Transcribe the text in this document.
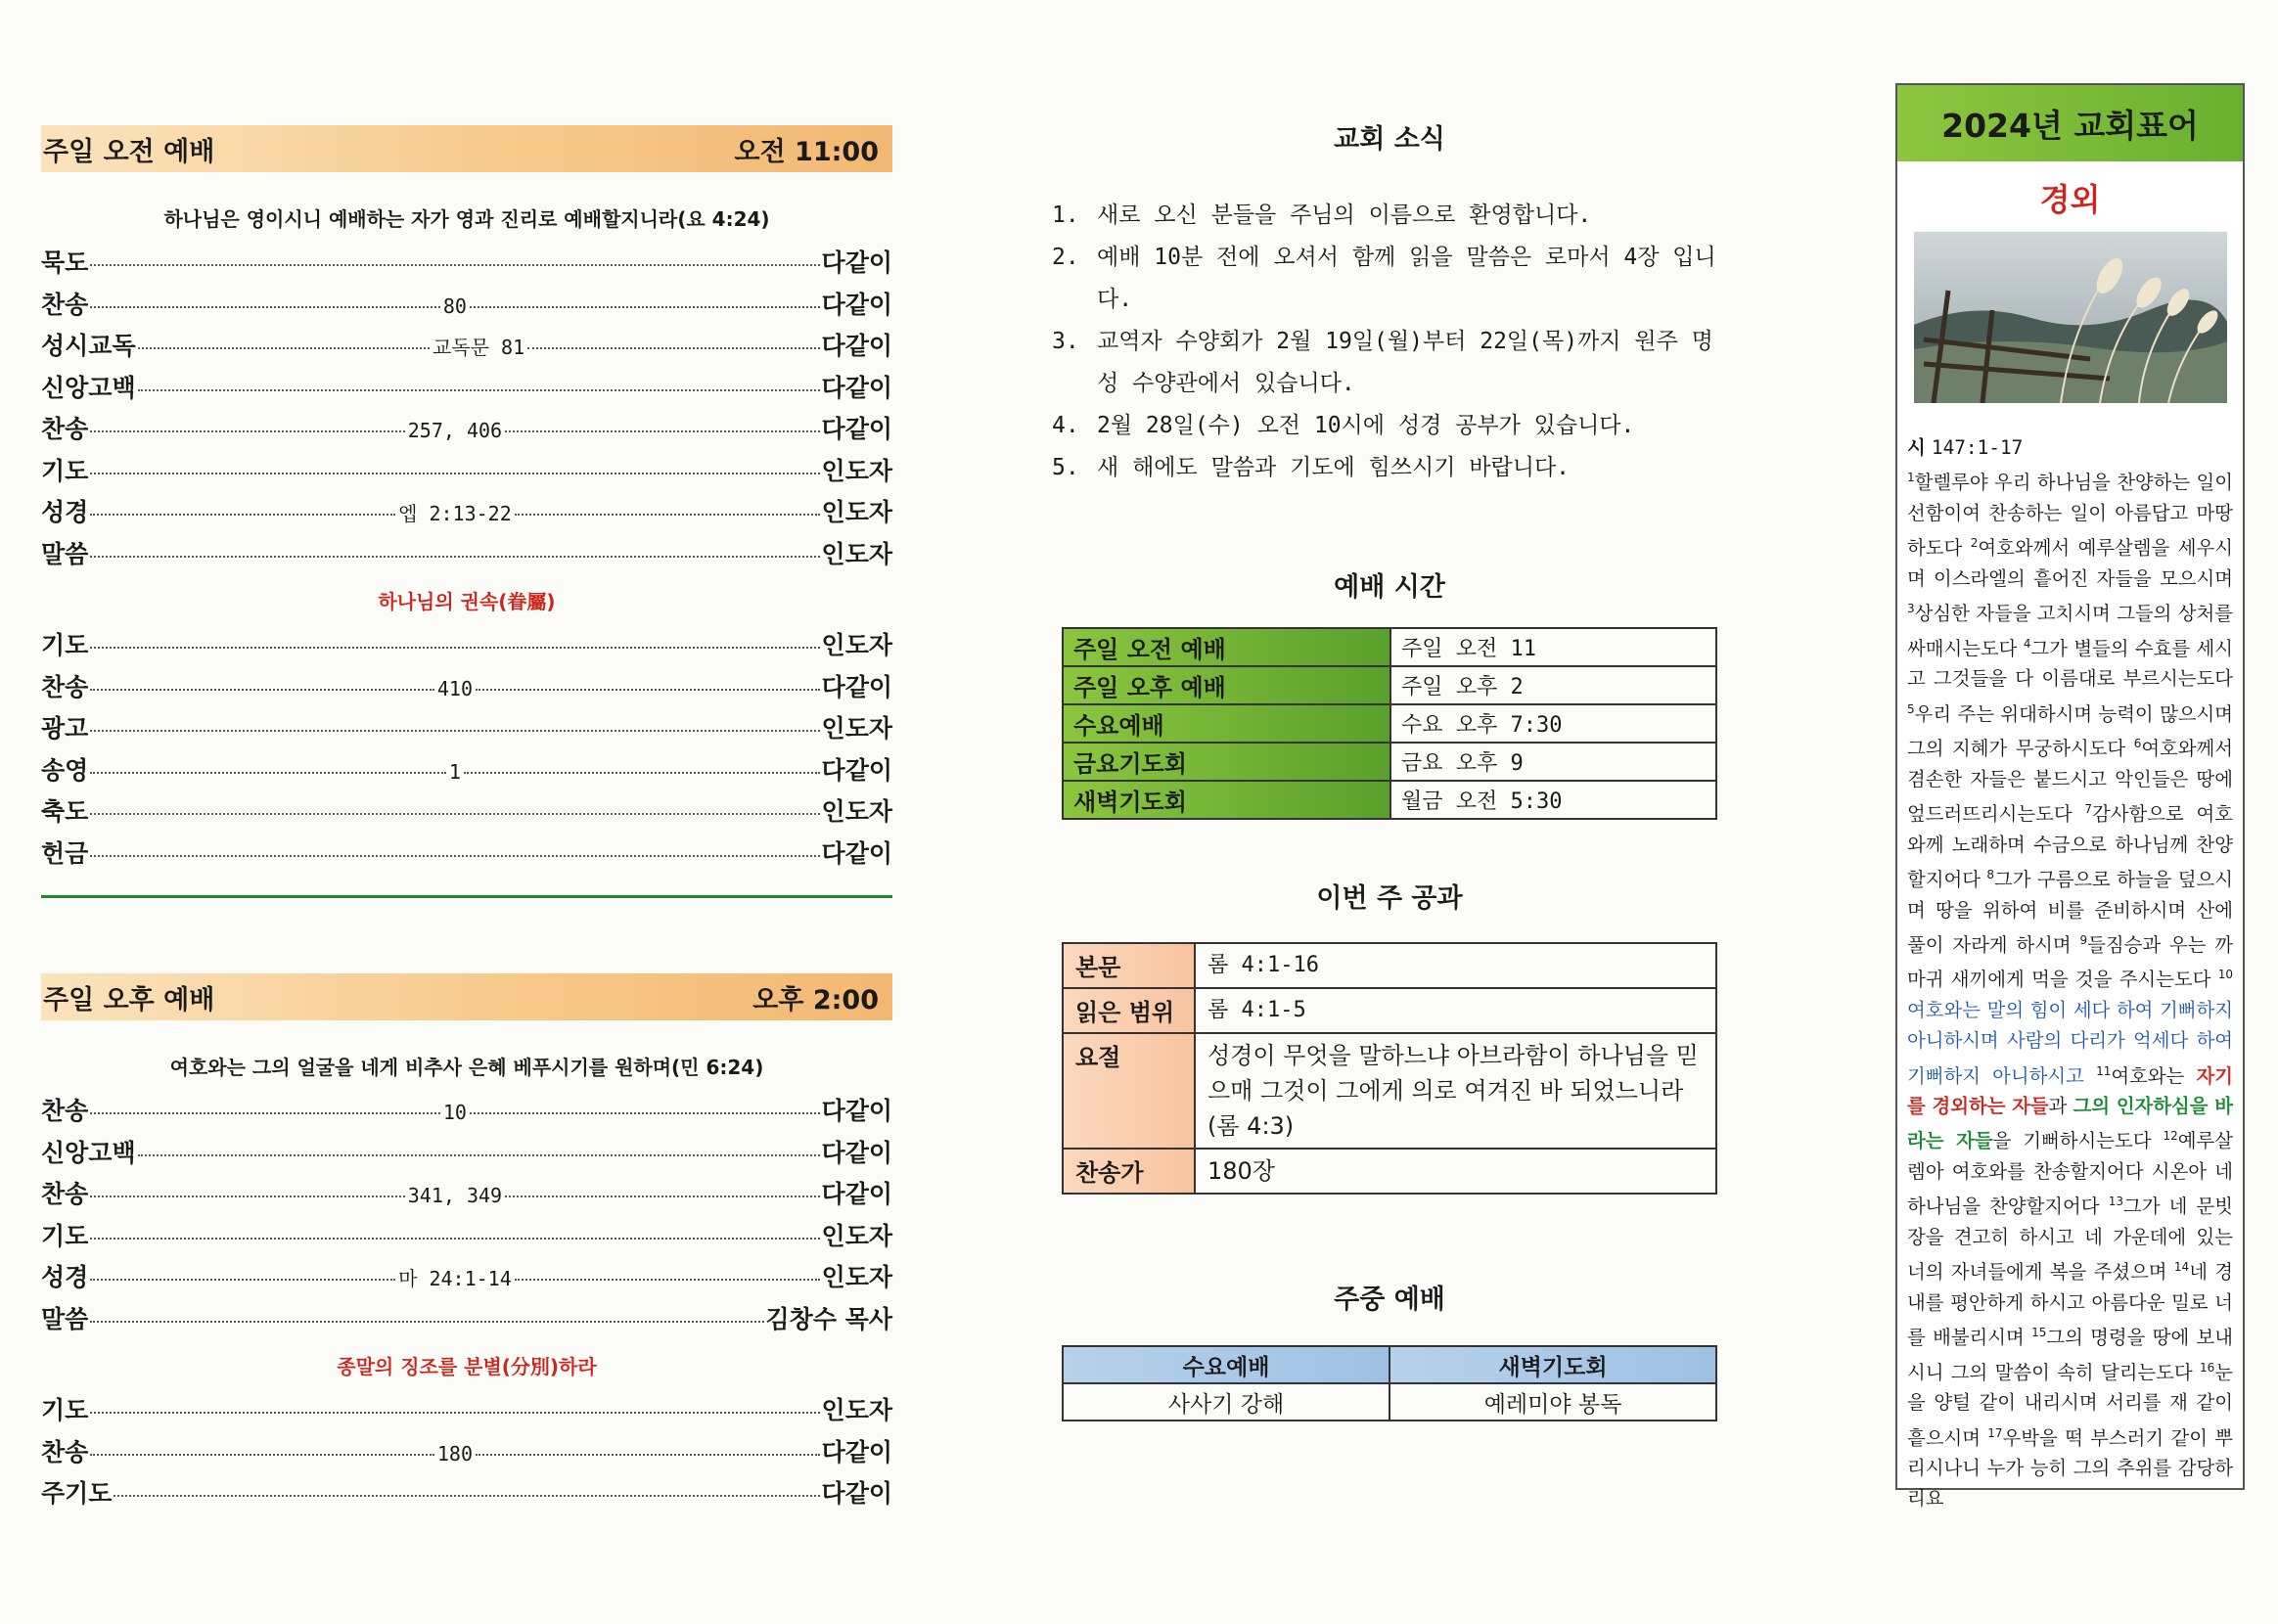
주일 오전 예배	오전 11:00
하나님은 영이시니 예배하는 자가 영과 진리로 예배할지니라(요 4:24)
묵도	다같이
찬송	80	다같이
성시교독	교독문 81	다같이
신앙고백	다같이
찬송	257, 406	다같이
기도	인도자
성경	엡 2:13-22	인도자
말씀	인도자
하나님의 권속(眷屬)
기도	인도자
찬송	410	다같이
광고	인도자
송영	1	다같이
축도	인도자
헌금	다같이
주일 오후 예배	오후 2:00
여호와는 그의 얼굴을 네게 비추사 은혜 베푸시기를 원하며(민 6:24)
찬송	10	다같이
신앙고백	다같이
찬송	341, 349	다같이
기도	인도자
성경	마 24:1-14	인도자
말씀	김창수 목사
종말의 징조를 분별(分別)하라
기도	인도자
찬송	180	다같이
주기도	다같이
교회 소식
1. 새로 오신 분들을 주님의 이름으로 환영합니다.
2. 예배 10분 전에 오셔서 함께 읽을 말씀은 로마서 4장 입니다.
3. 교역자 수양회가 2월 19일(월)부터 22일(목)까지 원주 명성 수양관에서 있습니다.
4. 2월 28일(수) 오전 10시에 성경 공부가 있습니다.
5. 새 해에도 말씀과 기도에 힘쓰시기 바랍니다.
예배 시간
주일 오전 예배	주일 오전 11
주일 오후 예배	주일 오후 2
수요예배	수요 오후 7:30
금요기도회	금요 오후 9
새벽기도회	월금 오전 5:30
이번 주 공과
본문	롬 4:1-16
읽은 범위	롬 4:1-5
요절	성경이 무엇을 말하느냐 아브라함이 하나님을 믿으매 그것이 그에게 의로 여겨진 바 되었느니라(롬 4:3)
찬송가	180장
주중 예배
수요예배	새벽기도회
사사기 강해	예레미야 봉독
2024년 교회표어
경외
시 147:1-17
$^1$할렐루야 우리 하나님을 찬양하는 일이 선함이여 찬송하는 일이 아름답고 마땅하도다 $^2$여호와께서 예루살렘을 세우시며 이스라엘의 흩어진 자들을 모으시며 $^3$상심한 자들을 고치시며 그들의 상처를 싸매시는도다 $^4$그가 별들의 수효를 세시고 그것들을 다 이름대로 부르시는도다 $^5$우리 주는 위대하시며 능력이 많으시며 그의 지혜가 무궁하시도다 $^6$여호와께서 겸손한 자들은 붙드시고 악인들은 땅에 엎드러뜨리시는도다 $^7$감사함으로 여호와께 노래하며 수금으로 하나님께 찬양할지어다 $^8$그가 구름으로 하늘을 덮으시며 땅을 위하여 비를 준비하시며 산에 풀이 자라게 하시며 $^9$들짐승과 우는 까마귀 새끼에게 먹을 것을 주시는도다 $^{10}$여호와는 말의 힘이 세다 하여 기뻐하지 아니하시며 사람의 다리가 억세다 하여 기뻐하지 아니하시고 $^{11}$여호와는 자기를 경외하는 자들과 그의 인자하심을 바라는 자들을 기뻐하시는도다 $^{12}$예루살렘아 여호와를 찬송할지어다 시온아 네 하나님을 찬양할지어다 $^{13}$그가 네 문빗장을 견고히 하시고 네 가운데에 있는 너의 자녀들에게 복을 주셨으며 $^{14}$네 경내를 평안하게 하시고 아름다운 밀로 너를 배불리시며 $^{15}$그의 명령을 땅에 보내시니 그의 말씀이 속히 달리는도다 $^{16}$눈을 양털 같이 내리시며 서리를 재 같이 흩으시며 $^{17}$우박을 떡 부스러기 같이 뿌리시나니 누가 능히 그의 추위를 감당하리요
